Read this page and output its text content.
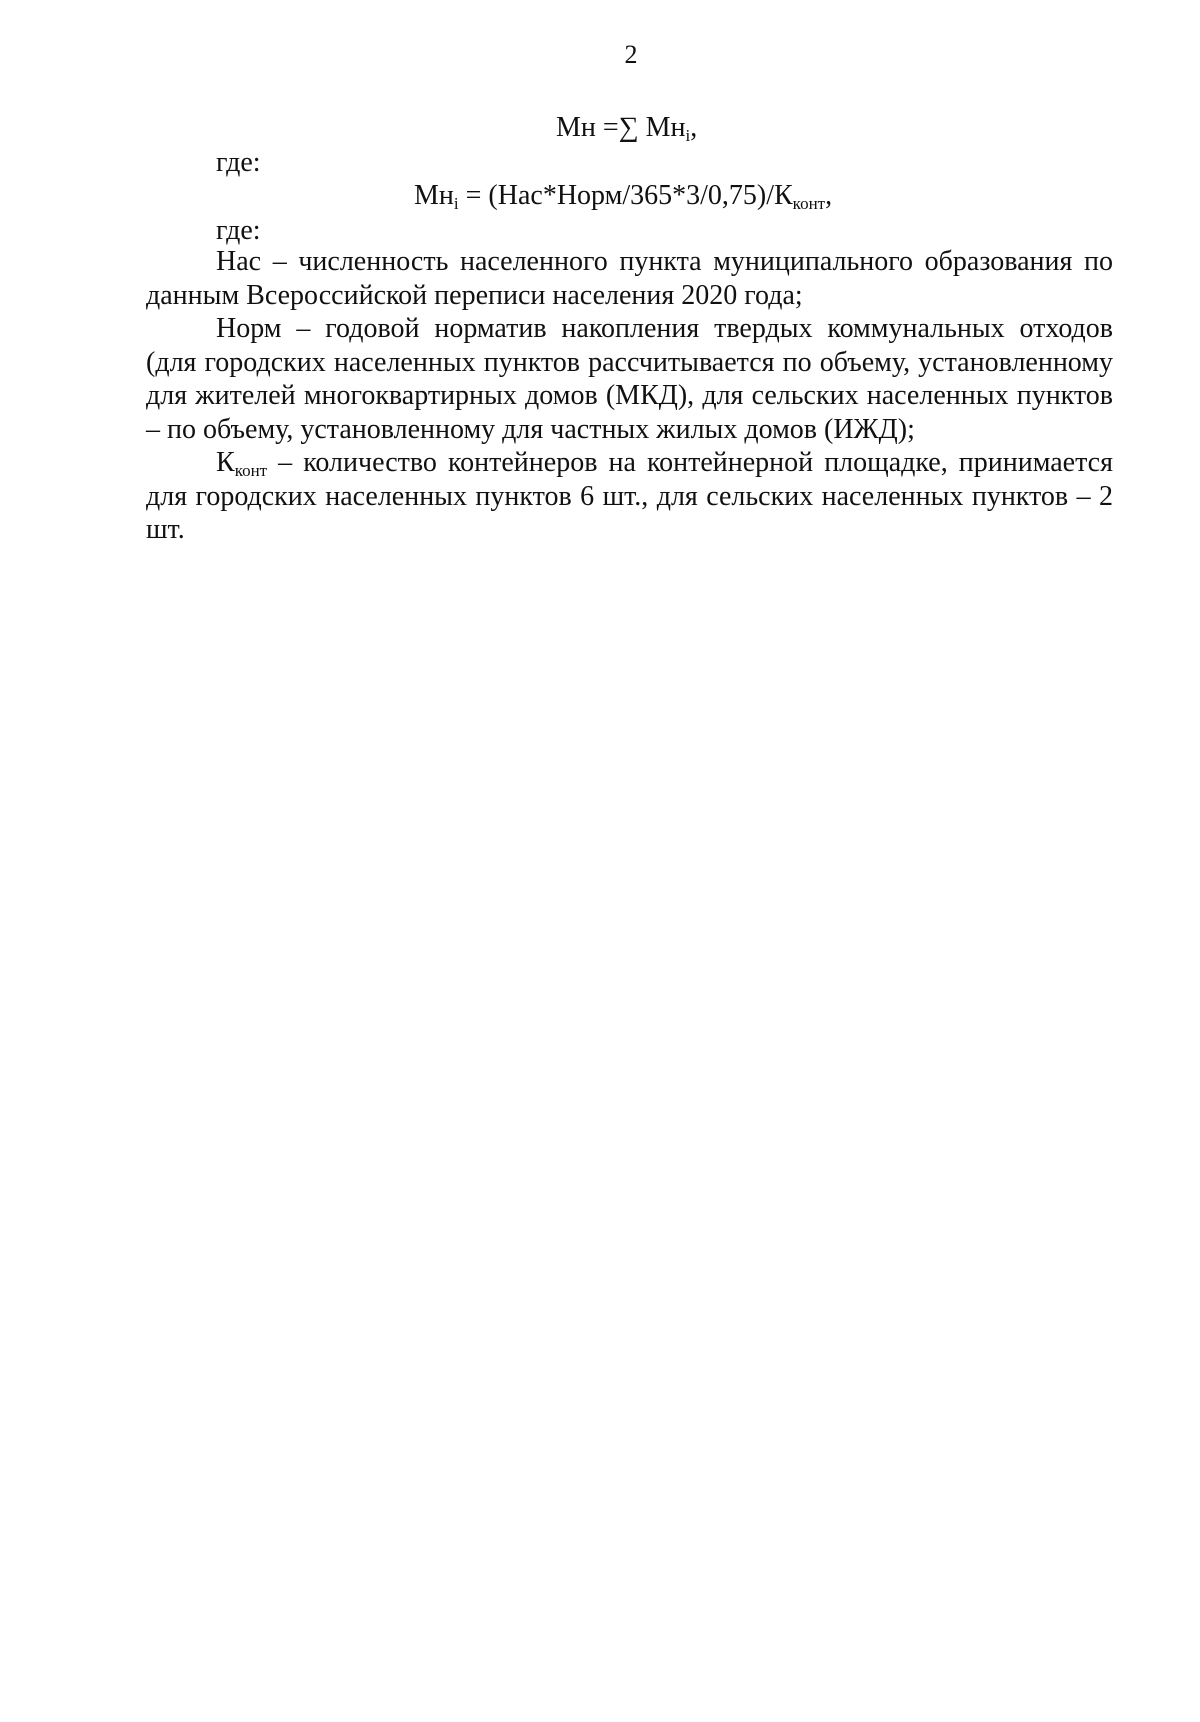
2
Мн =∑ $Мн_i$,
где:
$Мн_i$ = $(Нас*Норм/365*3/0,75)/К_{конт}$,
где:

Нас – численность населенного пункта муниципального образования по данным Всероссийской переписи населения 2020 года;

Норм – годовой норматив накопления твердых коммунальных отходов (для городских населенных пунктов рассчитывается по объему, установленному для жителей многоквартирных домов (МКД), для сельских населенных пунктов – по объему, установленному для частных жилых домов (ИЖД);

$К_{конт}$ – количество контейнеров на контейнерной площадке, принимается для городских населенных пунктов 6 шт., для сельских населенных пунктов – 2 шт.
